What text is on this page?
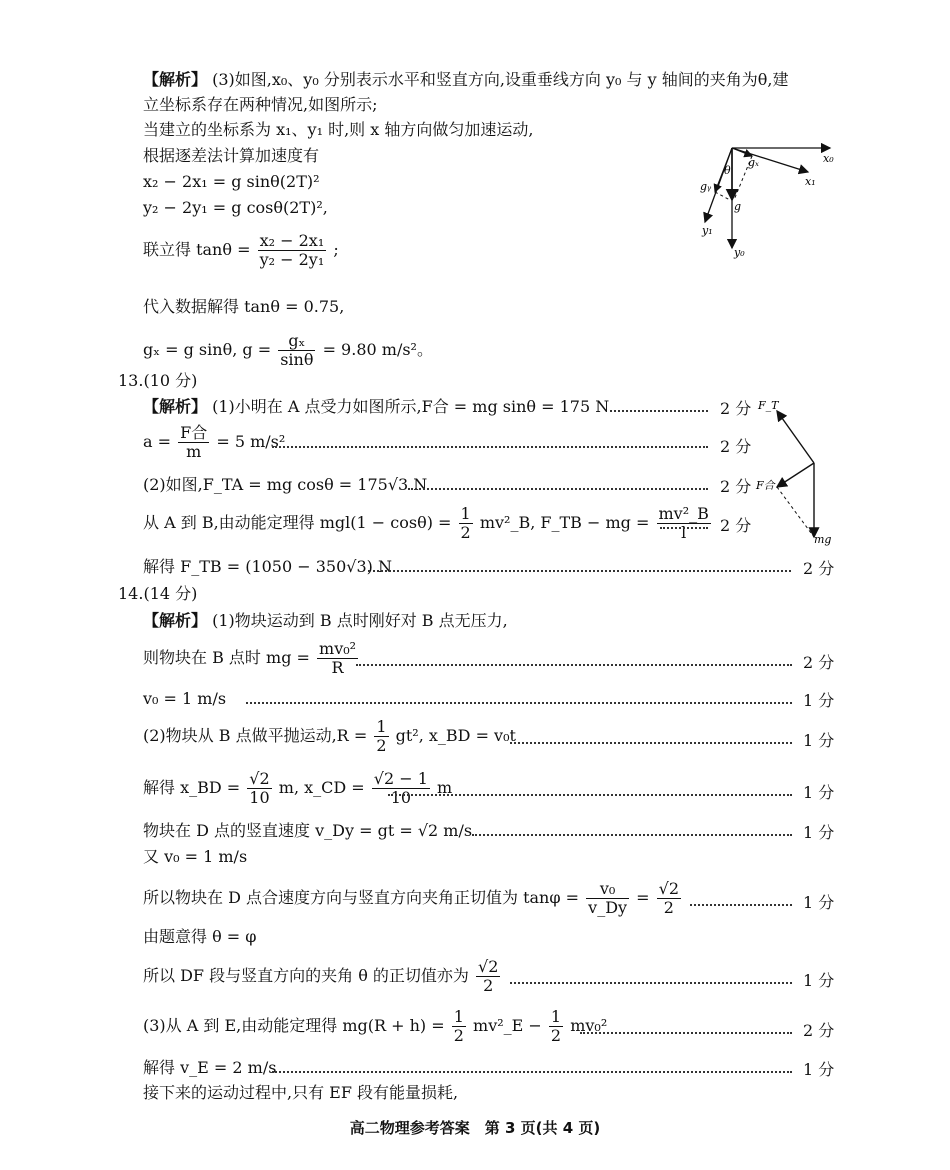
【解析】 (3)如图,x₀、y₀ 分别表示水平和竖直方向,设重垂线方向 y₀ 与 y 轴间的夹角为θ,建
立坐标系存在两种情况,如图所示;
当建立的坐标系为 x₁、y₁ 时,则 x 轴方向做匀加速运动,
根据逐差法计算加速度有
x₂ − 2x₁ = g sinθ(2T)²
y₂ − 2y₁ = g cosθ(2T)²,
联立得 $\tan\theta = \frac{\text{x₂ − 2x₁}}{\text{y₂ − 2y₁}}$ ;
代入数据解得 tanθ = 0.75,
gₓ = g sinθ, $g = \frac{\text{gₓ}}{\sin\theta} = 9.80$ m/s²。
x₀
x₁
y₀
y₁
gₓ
gᵧ
g
θ
13.(10 分)
【解析】 (1)小明在 A 点受力如图所示,F合 = mg sinθ = 175 N	2 分
$a = \frac{\text{F合}}{m} = 5$ m/s²	2 分
(2)如图,F_TA = mg cosθ = 175√3 N	2 分
从 A 到 B,由动能定理得 $mgl(1 - \cos\theta) = \frac{1}{2}$ mv²_B, F_TB − mg = $\frac{\text{mv²\_B}}{l} 2$ 分
解得 F_TB = (1050 − 350√3) N	2 分
F_T
F合
mg
14.(14 分)
【解析】 (1)物块运动到 B 点时刚好对 B 点无压力,
则物块在 B 点时 mg = $\frac{\text{mv₀²}}{R}$	2 分
v₀ = 1 m/s	1 分
(2)物块从 B 点做平抛运动$,R = \frac{1}{2} gt^2$, x_BD = v₀t	1 分
解得 x_BD = $\frac{√2}{10} m$, x_CD = $\frac{√2 - 1}{10}$ m	1 分
物块在 D 点的竖直速度 v_Dy = gt = √2 m/s	1 分
又 v₀ = 1 m/s
所以物块在 D 点合速度方向与竖直方向夹角正切值为 $\tan\varphi = \frac{\text{v₀}}{v\_Dy} = \frac{√2}{2}$	1 分
由题意得 θ = φ
所以 DF 段与竖直方向的夹角 θ 的正切值亦为 $\frac{√2}{2}$	1 分
(3)从 A 到 E,由动能定理得 $mg(R + h) = \frac{1}{2}$ mv²_E − $\frac{1}{2} mv_0^2$	2 分
解得 v_E = 2 m/s	1 分
接下来的运动过程中,只有 EF 段有能量损耗,
高二物理参考答案　第 3 页(共 4 页)
